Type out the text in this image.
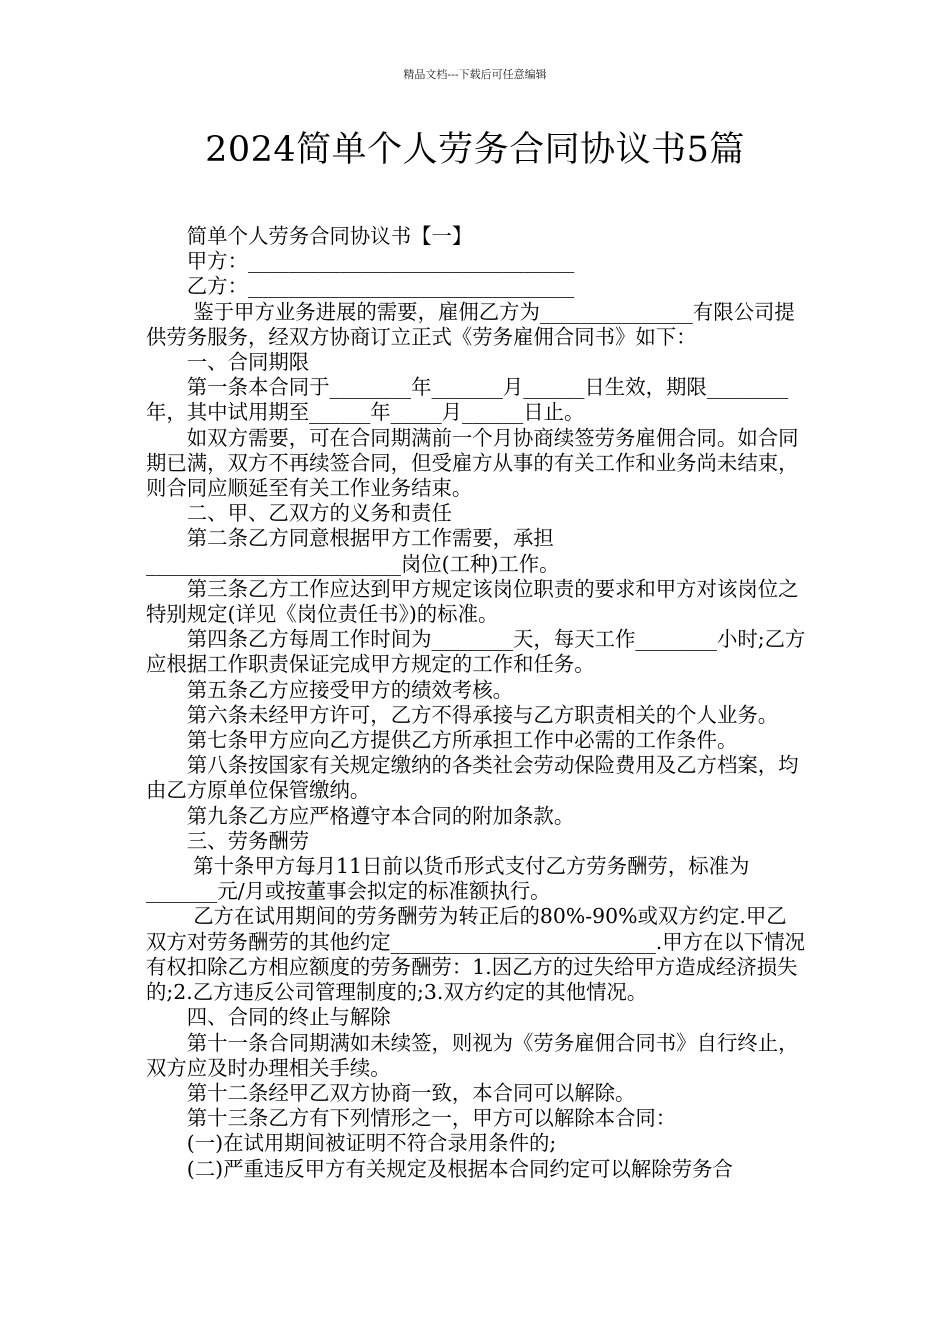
精品文档---下载后可任意编辑
2024简单个人劳务合同协议书5篇

简单个人劳务合同协议书【一】

甲方：________________________________

乙方：________________________________

鉴于甲方业务进展的需要，雇佣乙方为_______________有限公司提供劳务服务，经双方协商订立正式《劳务雇佣合同书》如下：

一、合同期限

第一条本合同于________年_______月______日生效，期限________年，其中试用期至______年_____月______日止。

如双方需要，可在合同期满前一个月协商续签劳务雇佣合同。如合同期已满，双方不再续签合同，但受雇方从事的有关工作和业务尚未结束，则合同应顺延至有关工作业务结束。

二、甲、乙双方的义务和责任

第二条乙方同意根据甲方工作需要，承担_________________________岗位(工种)工作。

第三条乙方工作应达到甲方规定该岗位职责的要求和甲方对该岗位之特别规定(详见《岗位责任书》)的标准。

第四条乙方每周工作时间为________天，每天工作________小时;乙方应根据工作职责保证完成甲方规定的工作和任务。

第五条乙方应接受甲方的绩效考核。

第六条未经甲方许可，乙方不得承接与乙方职责相关的个人业务。

第七条甲方应向乙方提供乙方所承担工作中必需的工作条件。

第八条按国家有关规定缴纳的各类社会劳动保险费用及乙方档案，均由乙方原单位保管缴纳。

第九条乙方应严格遵守本合同的附加条款。

三、劳务酬劳

第十条甲方每月11日前以货币形式支付乙方劳务酬劳，标准为_______元/月或按董事会拟定的标准额执行。

乙方在试用期间的劳务酬劳为转正后的80%-90%或双方约定.甲乙双方对劳务酬劳的其他约定__________________________.甲方在以下情况有权扣除乙方相应额度的劳务酬劳：1.因乙方的过失给甲方造成经济损失的;2.乙方违反公司管理制度的;3.双方约定的其他情况。

四、合同的终止与解除

第十一条合同期满如未续签，则视为《劳务雇佣合同书》自行终止，双方应及时办理相关手续。

第十二条经甲乙双方协商一致，本合同可以解除。

第十三条乙方有下列情形之一，甲方可以解除本合同：

(一)在试用期间被证明不符合录用条件的;

(二)严重违反甲方有关规定及根据本合同约定可以解除劳务合
